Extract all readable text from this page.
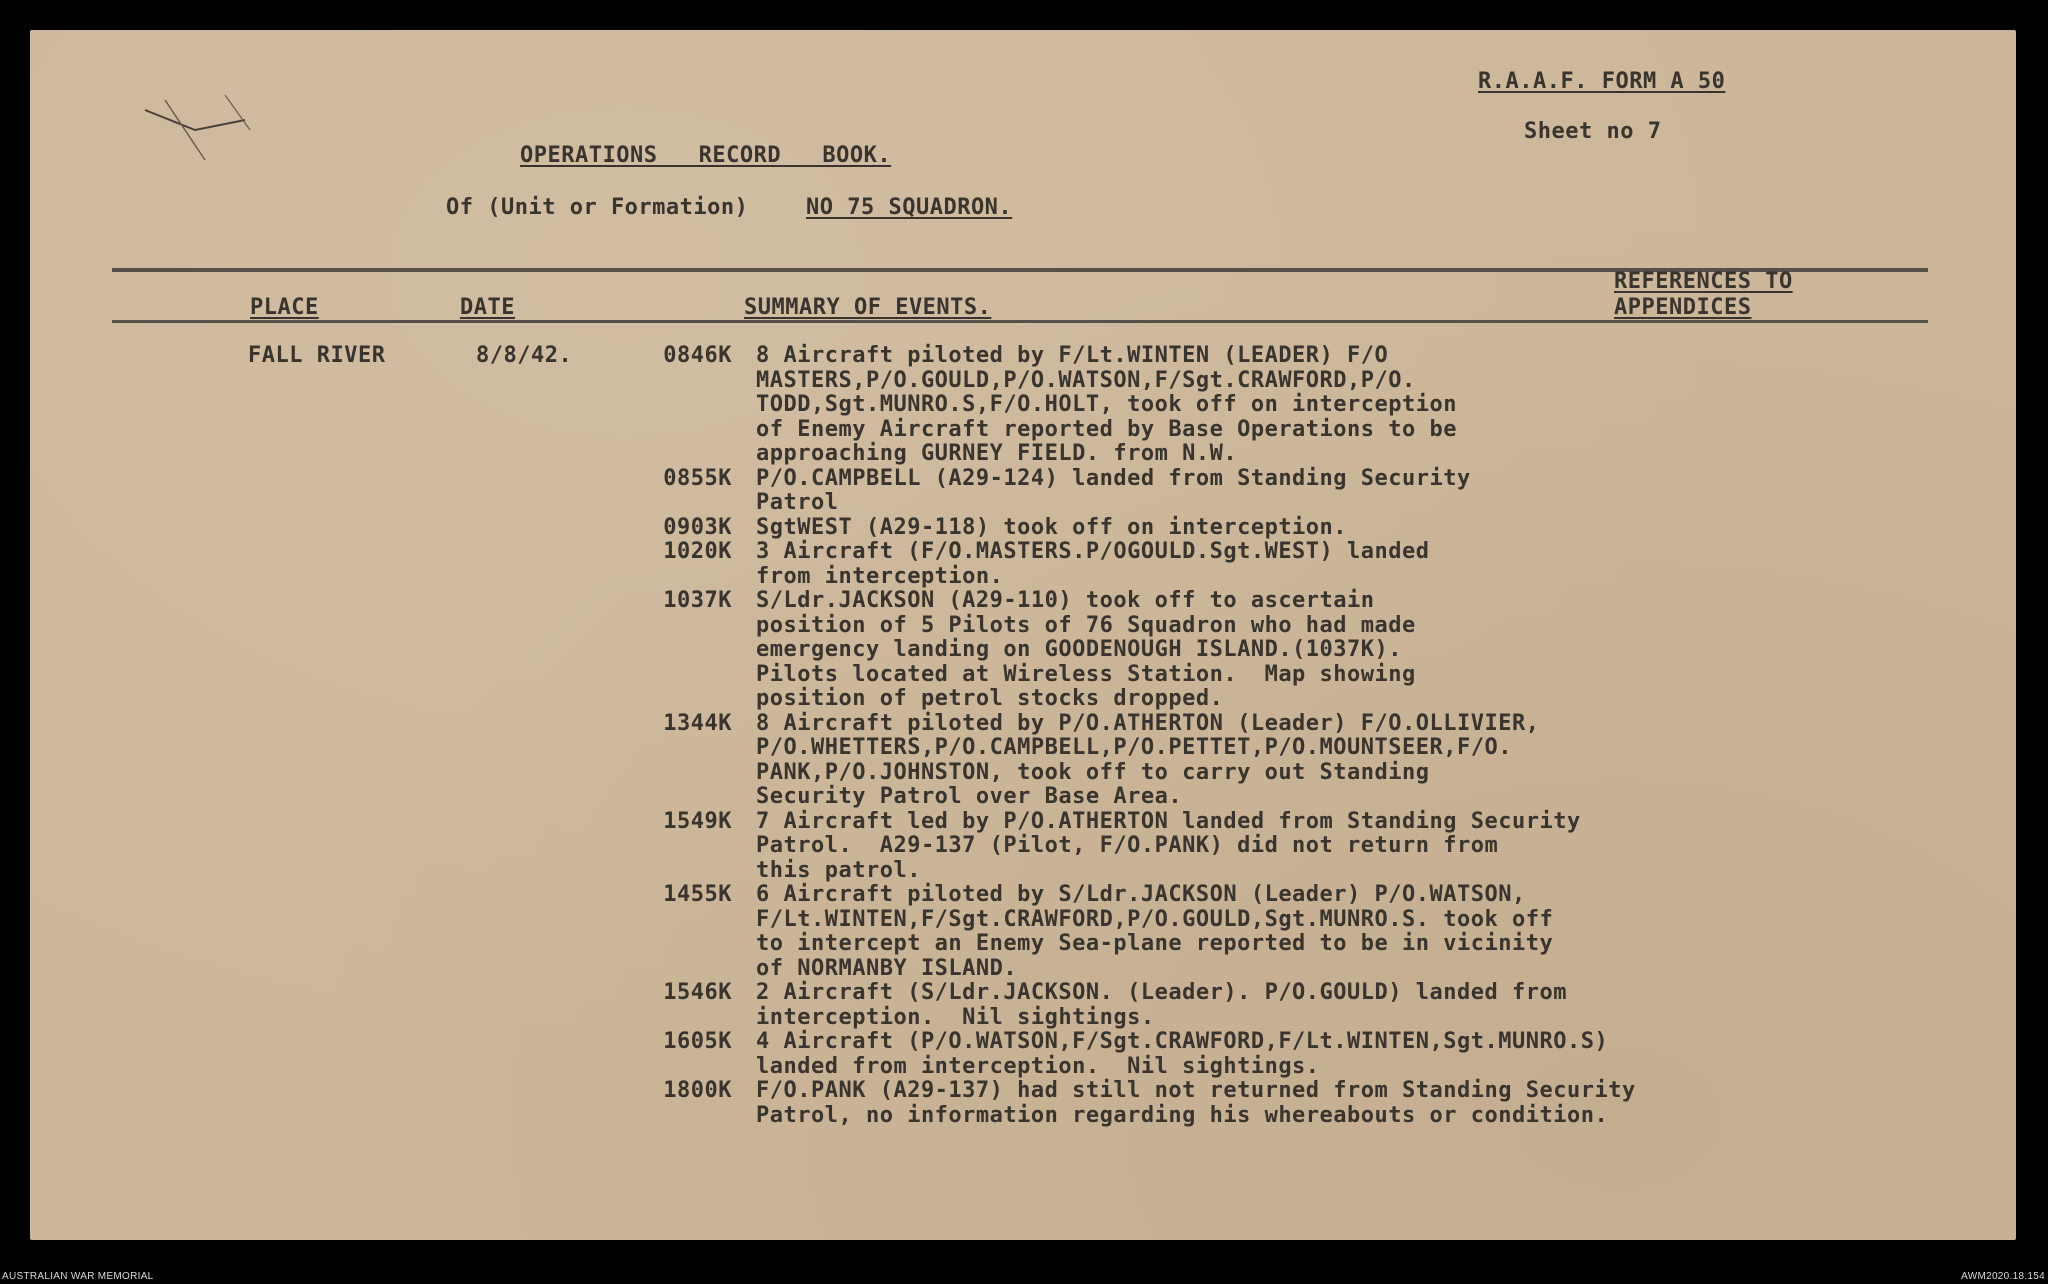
R.A.A.F. FORM A 50
Sheet no 7
OPERATIONS   RECORD   BOOK.
Of (Unit or Formation)	NO 75 SQUADRON.
PLACE	DATE	SUMMARY OF EVENTS.
REFERENCES TO
APPENDICES
FALL RIVER	8/8/42.	0846K 8 Aircraft piloted by F/Lt.WINTEN (LEADER) F/O
MASTERS,P/O.GOULD,P/O.WATSON,F/Sgt.CRAWFORD,P/O.
TODD,Sgt.MUNRO.S,F/O.HOLT, took off on interception
of Enemy Aircraft reported by Base Operations to be
approaching GURNEY FIELD. from N.W.
0855K P/O.CAMPBELL (A29-124) landed from Standing Security
Patrol
0903K SgtWEST (A29-118) took off on interception.
1020K 3 Aircraft (F/O.MASTERS.P/OGOULD.Sgt.WEST) landed
from interception.
1037K S/Ldr.JACKSON (A29-110) took off to ascertain
position of 5 Pilots of 76 Squadron who had made
emergency landing on GOODENOUGH ISLAND.(1037K).
Pilots located at Wireless Station.  Map showing
position of petrol stocks dropped.
1344K 8 Aircraft piloted by P/O.ATHERTON (Leader) F/O.OLLIVIER,
P/O.WHETTERS,P/O.CAMPBELL,P/O.PETTET,P/O.MOUNTSEER,F/O.
PANK,P/O.JOHNSTON, took off to carry out Standing
Security Patrol over Base Area.
1549K 7 Aircraft led by P/O.ATHERTON landed from Standing Security
Patrol.  A29-137 (Pilot, F/O.PANK) did not return from
this patrol.
1455K 6 Aircraft piloted by S/Ldr.JACKSON (Leader) P/O.WATSON,
F/Lt.WINTEN,F/Sgt.CRAWFORD,P/O.GOULD,Sgt.MUNRO.S. took off
to intercept an Enemy Sea-plane reported to be in vicinity
of NORMANBY ISLAND.
1546K 2 Aircraft (S/Ldr.JACKSON. (Leader). P/O.GOULD) landed from
interception.  Nil sightings.
1605K 4 Aircraft (P/O.WATSON,F/Sgt.CRAWFORD,F/Lt.WINTEN,Sgt.MUNRO.S)
landed from interception.  Nil sightings.
1800K F/O.PANK (A29-137) had still not returned from Standing Security
Patrol, no information regarding his whereabouts or condition.
AUSTRALIAN WAR MEMORIAL	AWM2020.18.154
